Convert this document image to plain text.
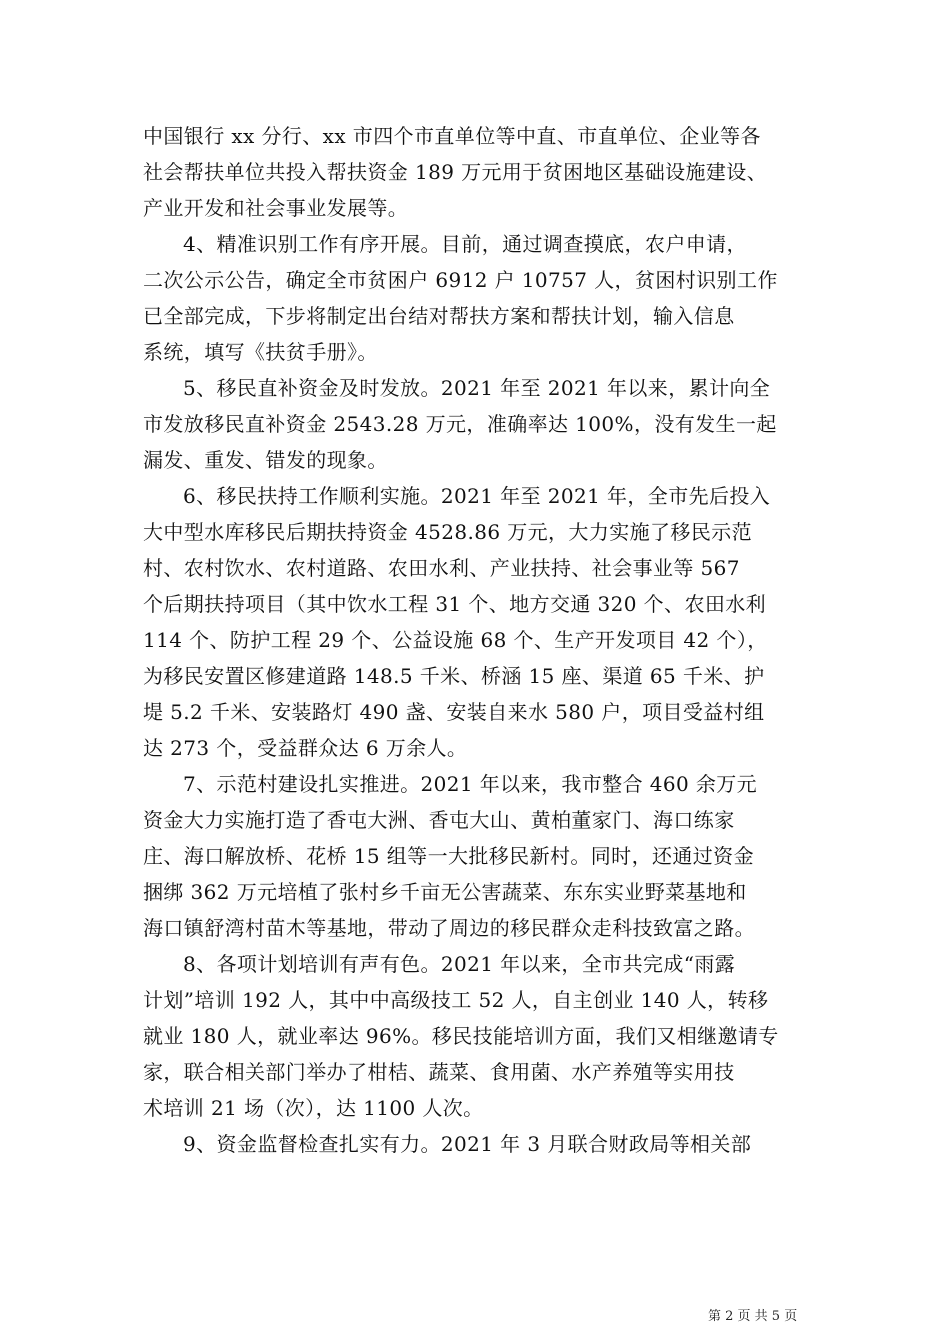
中国银行 xx 分行、xx 市四个市直单位等中直、市直单位、企业等各
社会帮扶单位共投入帮扶资金 189 万元用于贫困地区基础设施建设、
产业开发和社会事业发展等。

4、精准识别工作有序开展。目前，通过调查摸底，农户申请，
二次公示公告，确定全市贫困户 6912 户 10757 人，贫困村识别工作
已全部完成，下步将制定出台结对帮扶方案和帮扶计划，输入信息
系统，填写《扶贫手册》。

5、移民直补资金及时发放。2021 年至 2021 年以来，累计向全
市发放移民直补资金 2543.28 万元，准确率达 100%，没有发生一起
漏发、重发、错发的现象。

6、移民扶持工作顺利实施。2021 年至 2021 年，全市先后投入
大中型水库移民后期扶持资金 4528.86 万元，大力实施了移民示范
村、农村饮水、农村道路、农田水利、产业扶持、社会事业等 567
个后期扶持项目（其中饮水工程 31 个、地方交通 320 个、农田水利
114 个、防护工程 29 个、公益设施 68 个、生产开发项目 42 个），
为移民安置区修建道路 148.5 千米、桥涵 15 座、渠道 65 千米、护
堤 5.2 千米、安装路灯 490 盏、安装自来水 580 户，项目受益村组
达 273 个，受益群众达 6 万余人。

7、示范村建设扎实推进。2021 年以来，我市整合 460 余万元
资金大力实施打造了香屯大洲、香屯大山、黄柏董家门、海口练家
庄、海口解放桥、花桥 15 组等一大批移民新村。同时，还通过资金
捆绑 362 万元培植了张村乡千亩无公害蔬菜、东东实业野菜基地和
海口镇舒湾村苗木等基地，带动了周边的移民群众走科技致富之路。

8、各项计划培训有声有色。2021 年以来，全市共完成“雨露
计划”培训 192 人，其中中高级技工 52 人，自主创业 140 人，转移
就业 180 人，就业率达 96%。移民技能培训方面，我们又相继邀请专
家，联合相关部门举办了柑桔、蔬菜、食用菌、水产养殖等实用技
术培训 21 场（次），达 1100 人次。

9、资金监督检查扎实有力。2021 年 3 月联合财政局等相关部

第 2 页 共 5 页
